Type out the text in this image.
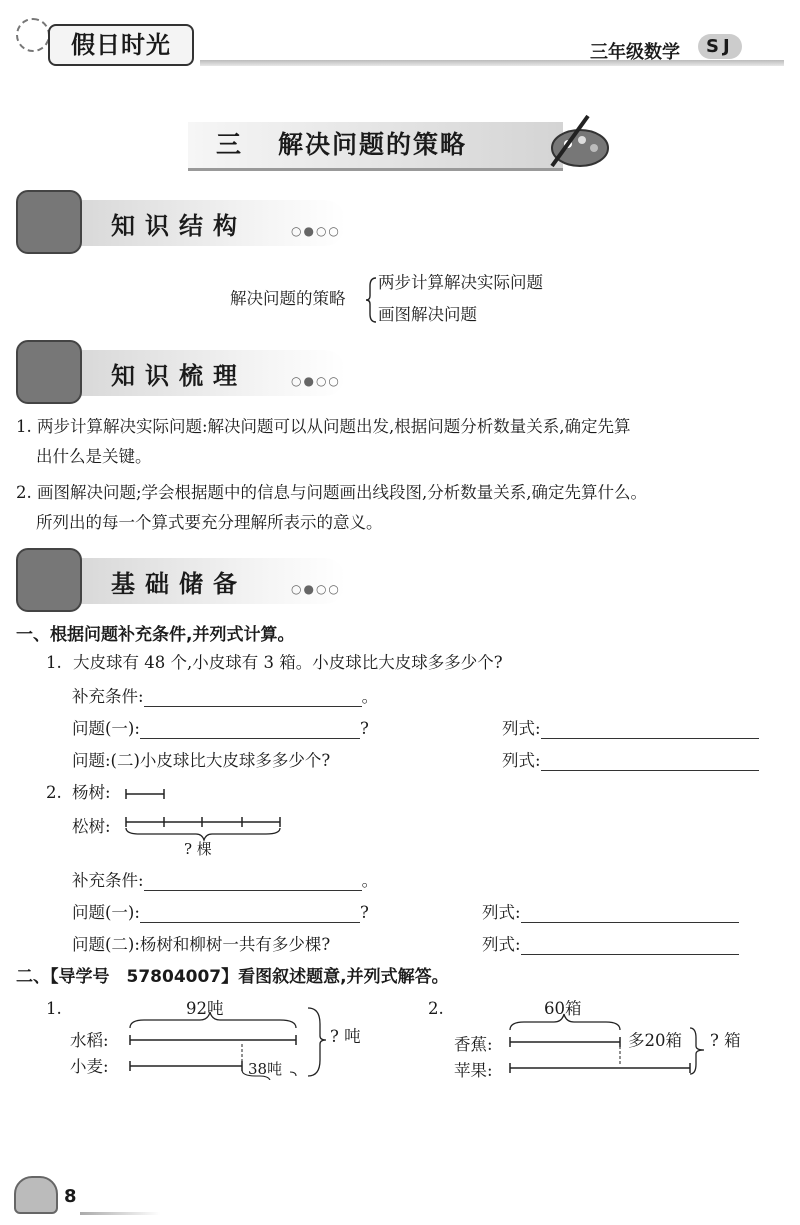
假日时光	三年级数学	SJ
三 解决问题的策略
知识结构	○●○○
解决问题的策略
两步计算解决实际问题
画图解决问题
知识梳理	○●○○
1. 两步计算解决实际问题:解决问题可以从问题出发,根据问题分析数量关系,确定先算
出什么是关键。
2. 画图解决问题;学会根据题中的信息与问题画出线段图,分析数量关系,确定先算什么。
所列出的每一个算式要充分理解所表示的意义。
基础储备	○●○○
一、根据问题补充条件,并列式计算。
1. 大皮球有 48 个,小皮球有 3 箱。小皮球比大皮球多多少个?
补充条件:	。
问题(一):	?	列式:
问题:(二)小皮球比大皮球多多少个?	列式:
2. 杨树:
松树:
? 棵
补充条件:	。
问题(一):	?	列式:
问题(二):杨树和柳树一共有多少棵?	列式:
二、【导学号　57804007】看图叙述题意,并列式解答。
1.	92吨
水稻:
小麦:	38吨
? 吨
2.	60箱
香蕉:
苹果:
多20箱 ? 箱
8
